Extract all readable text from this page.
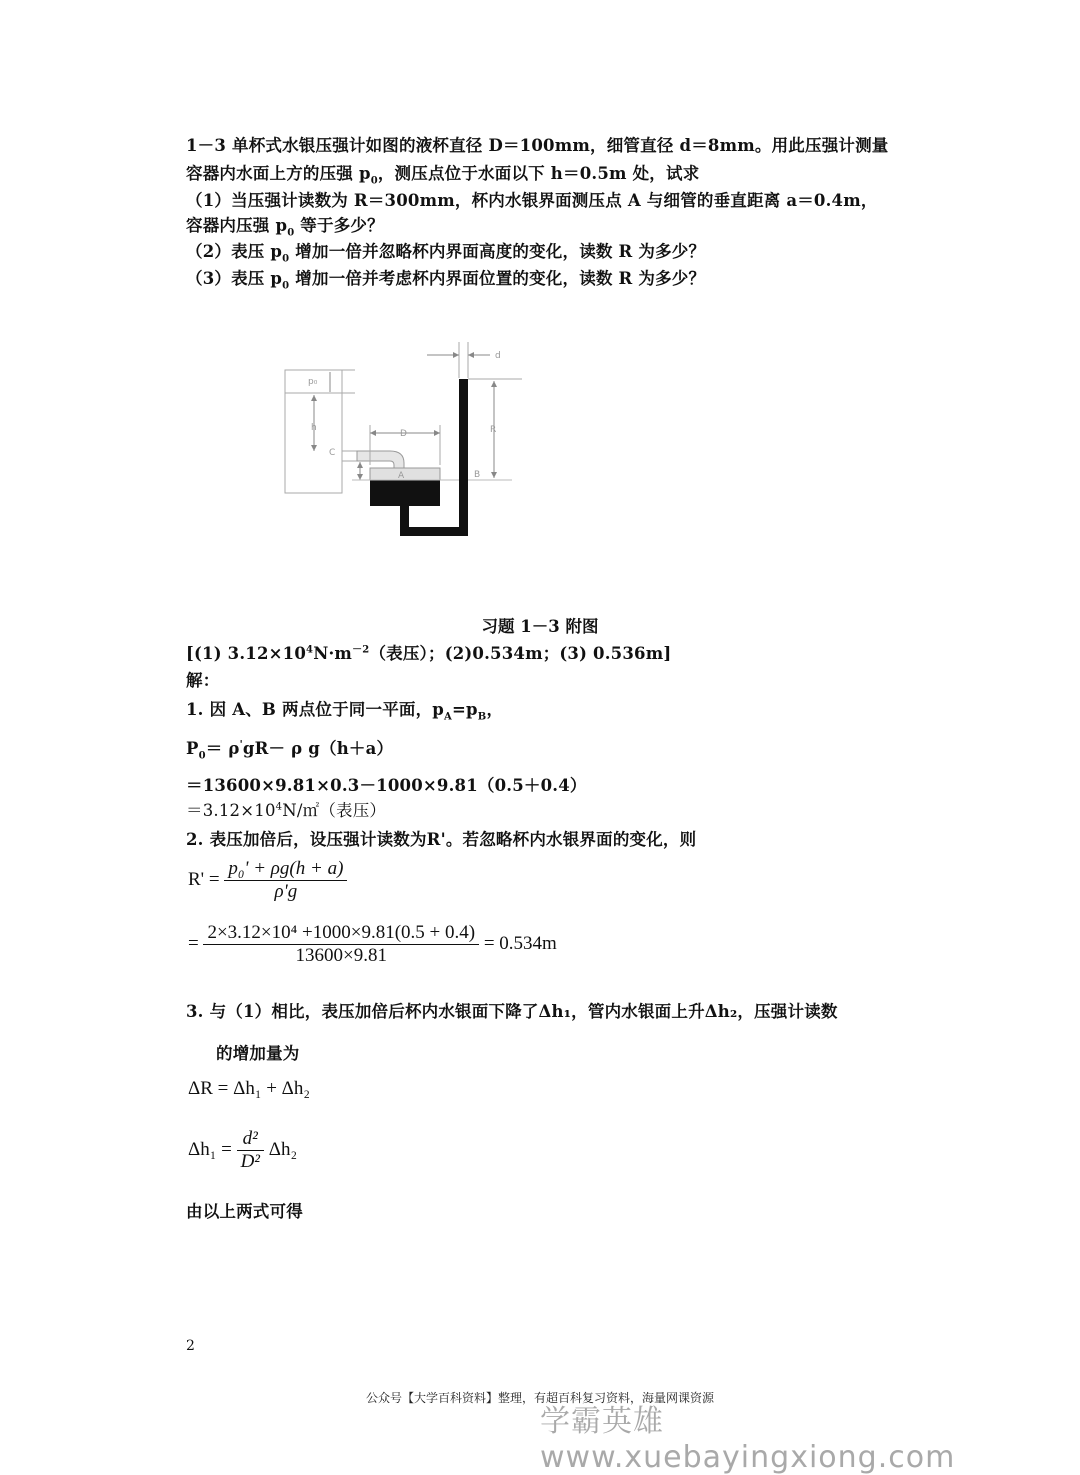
1－3 单杯式水银压强计如图的液杯直径 D＝100mm，细管直径 d＝8mm。用此压强计测量
容器内水面上方的压强 $p_0$，测压点位于水面以下 h＝0.5m 处，试求
（1）当压强计读数为 R＝300mm，杯内水银界面测压点 A 与细管的垂直距离 a＝0.4m，
容器内压强 $p_0$ 等于多少？
（2）表压 $p_0$ 增加一倍并忽略杯内界面高度的变化，读数 R 为多少？
（3）表压 $p_0$ 增加一倍并考虑杯内界面位置的变化，读数 R 为多少？
p₀
h
C
D
A	B
d
R
习题 1－3 附图
[(1) $3.12\times 10^4N\cdot m^{-2}$（表压）；(2)0.534m；(3) 0.536m]
解：
1. 因 A、B 两点位于同一平面，$p_A=p_B$，
$P_0= \rho'gR- \rho$ g（h＋a）
＝13600×9.81×0.3－1000×9.81（0.5＋0.4）
$=3.12\times 10^4N/㎡$（表压）
2. 表压加倍后，设压强计读数为R'。若忽略杯内水银界面的变化，则
$R' = \frac{\text{p₀' + ρg(h + a)}}{\rho'g}$
= $\frac{\text{2×3.12×10⁴ +1000×9.81(0.5 + 0.4)}}{13600\times 9.81} = 0.534m$
3. 与（1）相比，表压加倍后杯内水银面下降了Δh₁，管内水银面上升Δh₂，压强计读数
的增加量为
ΔR = Δh₁ + Δh₂
$\Delta h_1 = \frac{\text{d²}}{\text{D²}} \Delta h_2$
由以上两式可得
2
公众号【大学百科资料】整理，有超百科复习资料，海量网课资源
学霸英雄 www.xuebayingxiong.com
